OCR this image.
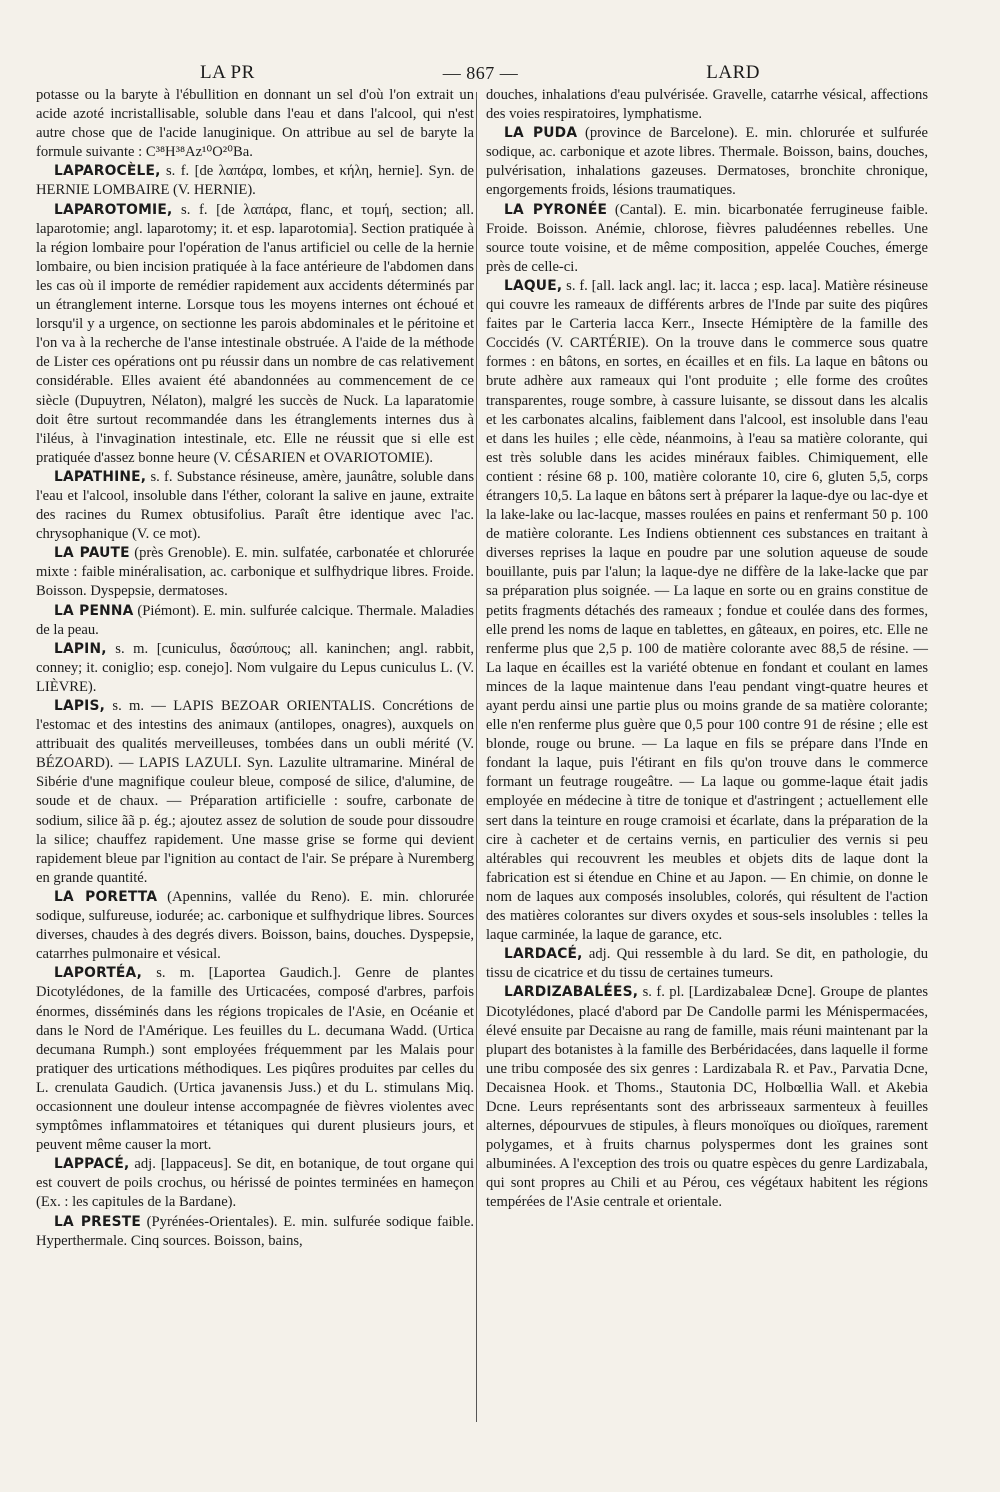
LA PR	— 867 —	LARD

potasse ou la baryte à l'ébullition en donnant un sel d'où l'on extrait un acide azoté incristallisable, soluble dans l'eau et dans l'alcool, qui n'est autre chose que de l'acide lanuginique. On attribue au sel de baryte la formule suivante : C³⁸H³⁸Az¹⁰O²⁰Ba.

LAPAROCÈLE, s. f. [de λαπάρα, lombes, et κήλη, hernie]. Syn. de HERNIE LOMBAIRE (V. HERNIE).

LAPAROTOMIE, s. f. [de λαπάρα, flanc, et τομή, section; all. laparotomie; angl. laparotomy; it. et esp. laparotomia]. Section pratiquée à la région lombaire pour l'opération de l'anus artificiel ou celle de la hernie lombaire, ou bien incision pratiquée à la face antérieure de l'abdomen dans les cas où il importe de remédier rapidement aux accidents déterminés par un étranglement interne. Lorsque tous les moyens internes ont échoué et lorsqu'il y a urgence, on sectionne les parois abdominales et le péritoine et l'on va à la recherche de l'anse intestinale obstruée. A l'aide de la méthode de Lister ces opérations ont pu réussir dans un nombre de cas relativement considérable. Elles avaient été abandonnées au commencement de ce siècle (Dupuytren, Nélaton), malgré les succès de Nuck. La laparatomie doit être surtout recommandée dans les étranglements internes dus à l'iléus, à l'invagination intestinale, etc. Elle ne réussit que si elle est pratiquée d'assez bonne heure (V. CÉSARIEN et OVARIOTOMIE).

LAPATHINE, s. f. Substance résineuse, amère, jaunâtre, soluble dans l'eau et l'alcool, insoluble dans l'éther, colorant la salive en jaune, extraite des racines du Rumex obtusifolius. Paraît être identique avec l'ac. chrysophanique (V. ce mot).

LA PAUTE (près Grenoble). E. min. sulfatée, carbonatée et chlorurée mixte : faible minéralisation, ac. carbonique et sulfhydrique libres. Froide. Boisson. Dyspepsie, dermatoses.

LA PENNA (Piémont). E. min. sulfurée calcique. Thermale. Maladies de la peau.

LAPIN, s. m. [cuniculus, δασύπους; all. kaninchen; angl. rabbit, conney; it. coniglio; esp. conejo]. Nom vulgaire du Lepus cuniculus L. (V. LIÈVRE).

LAPIS, s. m. — LAPIS BEZOAR ORIENTALIS. Concrétions de l'estomac et des intestins des animaux (antilopes, onagres), auxquels on attribuait des qualités merveilleuses, tombées dans un oubli mérité (V. BÉZOARD). — LAPIS LAZULI. Syn. Lazulite ultramarine. Minéral de Sibérie d'une magnifique couleur bleue, composé de silice, d'alumine, de soude et de chaux. — Préparation artificielle : soufre, carbonate de sodium, silice ãã p. ég.; ajoutez assez de solution de soude pour dissoudre la silice; chauffez rapidement. Une masse grise se forme qui devient rapidement bleue par l'ignition au contact de l'air. Se prépare à Nuremberg en grande quantité.

LA PORETTA (Apennins, vallée du Reno). E. min. chlorurée sodique, sulfureuse, iodurée; ac. carbonique et sulfhydrique libres. Sources diverses, chaudes à des degrés divers. Boisson, bains, douches. Dyspepsie, catarrhes pulmonaire et vésical.

LAPORTÉA, s. m. [Laportea Gaudich.]. Genre de plantes Dicotylédones, de la famille des Urticacées, composé d'arbres, parfois énormes, disséminés dans les régions tropicales de l'Asie, en Océanie et dans le Nord de l'Amérique. Les feuilles du L. decumana Wadd. (Urtica decumana Rumph.) sont employées fréquemment par les Malais pour pratiquer des urtications méthodiques. Les piqûres produites par celles du L. crenulata Gaudich. (Urtica javanensis Juss.) et du L. stimulans Miq. occasionnent une douleur intense accompagnée de fièvres violentes avec symptômes inflammatoires et tétaniques qui durent plusieurs jours, et peuvent même causer la mort.

LAPPACÉ, adj. [lappaceus]. Se dit, en botanique, de tout organe qui est couvert de poils crochus, ou hérissé de pointes terminées en hameçon (Ex. : les capitules de la Bardane).

LA PRESTE (Pyrénées-Orientales). E. min. sulfurée sodique faible. Hyperthermale. Cinq sources. Boisson, bains,

douches, inhalations d'eau pulvérisée. Gravelle, catarrhe vésical, affections des voies respiratoires, lymphatisme.

LA PUDA (province de Barcelone). E. min. chlorurée et sulfurée sodique, ac. carbonique et azote libres. Thermale. Boisson, bains, douches, pulvérisation, inhalations gazeuses. Dermatoses, bronchite chronique, engorgements froids, lésions traumatiques.

LA PYRONÉE (Cantal). E. min. bicarbonatée ferrugineuse faible. Froide. Boisson. Anémie, chlorose, fièvres paludéennes rebelles. Une source toute voisine, et de même composition, appelée Couches, émerge près de celle-ci.

LAQUE, s. f. [all. lack angl. lac; it. lacca ; esp. laca]. Matière résineuse qui couvre les rameaux de différents arbres de l'Inde par suite des piqûres faites par le Carteria lacca Kerr., Insecte Hémiptère de la famille des Coccidés (V. CARTÉRIE). On la trouve dans le commerce sous quatre formes : en bâtons, en sortes, en écailles et en fils. La laque en bâtons ou brute adhère aux rameaux qui l'ont produite ; elle forme des croûtes transparentes, rouge sombre, à cassure luisante, se dissout dans les alcalis et les carbonates alcalins, faiblement dans l'alcool, est insoluble dans l'eau et dans les huiles ; elle cède, néanmoins, à l'eau sa matière colorante, qui est très soluble dans les acides minéraux faibles. Chimiquement, elle contient : résine 68 p. 100, matière colorante 10, cire 6, gluten 5,5, corps étrangers 10,5. La laque en bâtons sert à préparer la laque-dye ou lac-dye et la lake-lake ou lac-lacque, masses roulées en pains et renfermant 50 p. 100 de matière colorante. Les Indiens obtiennent ces substances en traitant à diverses reprises la laque en poudre par une solution aqueuse de soude bouillante, puis par l'alun; la laque-dye ne diffère de la lake-lacke que par sa préparation plus soignée. — La laque en sorte ou en grains constitue de petits fragments détachés des rameaux ; fondue et coulée dans des formes, elle prend les noms de laque en tablettes, en gâteaux, en poires, etc. Elle ne renferme plus que 2,5 p. 100 de matière colorante avec 88,5 de résine. — La laque en écailles est la variété obtenue en fondant et coulant en lames minces de la laque maintenue dans l'eau pendant vingt-quatre heures et ayant perdu ainsi une partie plus ou moins grande de sa matière colorante; elle n'en renferme plus guère que 0,5 pour 100 contre 91 de résine ; elle est blonde, rouge ou brune. — La laque en fils se prépare dans l'Inde en fondant la laque, puis l'étirant en fils qu'on trouve dans le commerce formant un feutrage rougeâtre. — La laque ou gomme-laque était jadis employée en médecine à titre de tonique et d'astringent ; actuellement elle sert dans la teinture en rouge cramoisi et écarlate, dans la préparation de la cire à cacheter et de certains vernis, en particulier des vernis si peu altérables qui recouvrent les meubles et objets dits de laque dont la fabrication est si étendue en Chine et au Japon. — En chimie, on donne le nom de laques aux composés insolubles, colorés, qui résultent de l'action des matières colorantes sur divers oxydes et sous-sels insolubles : telles la laque carminée, la laque de garance, etc.

LARDACÉ, adj. Qui ressemble à du lard. Se dit, en pathologie, du tissu de cicatrice et du tissu de certaines tumeurs.

LARDIZABALÉES, s. f. pl. [Lardizabaleæ Dcne]. Groupe de plantes Dicotylédones, placé d'abord par De Candolle parmi les Ménispermacées, élevé ensuite par Decaisne au rang de famille, mais réuni maintenant par la plupart des botanistes à la famille des Berbéridacées, dans laquelle il forme une tribu composée des six genres : Lardizabala R. et Pav., Parvatia Dcne, Decaisnea Hook. et Thoms., Stautonia DC, Holbœllia Wall. et Akebia Dcne. Leurs représentants sont des arbrisseaux sarmenteux à feuilles alternes, dépourvues de stipules, à fleurs monoïques ou dioïques, rarement polygames, et à fruits charnus polyspermes dont les graines sont albuminées. A l'exception des trois ou quatre espèces du genre Lardizabala, qui sont propres au Chili et au Pérou, ces végétaux habitent les régions tempérées de l'Asie centrale et orientale.
